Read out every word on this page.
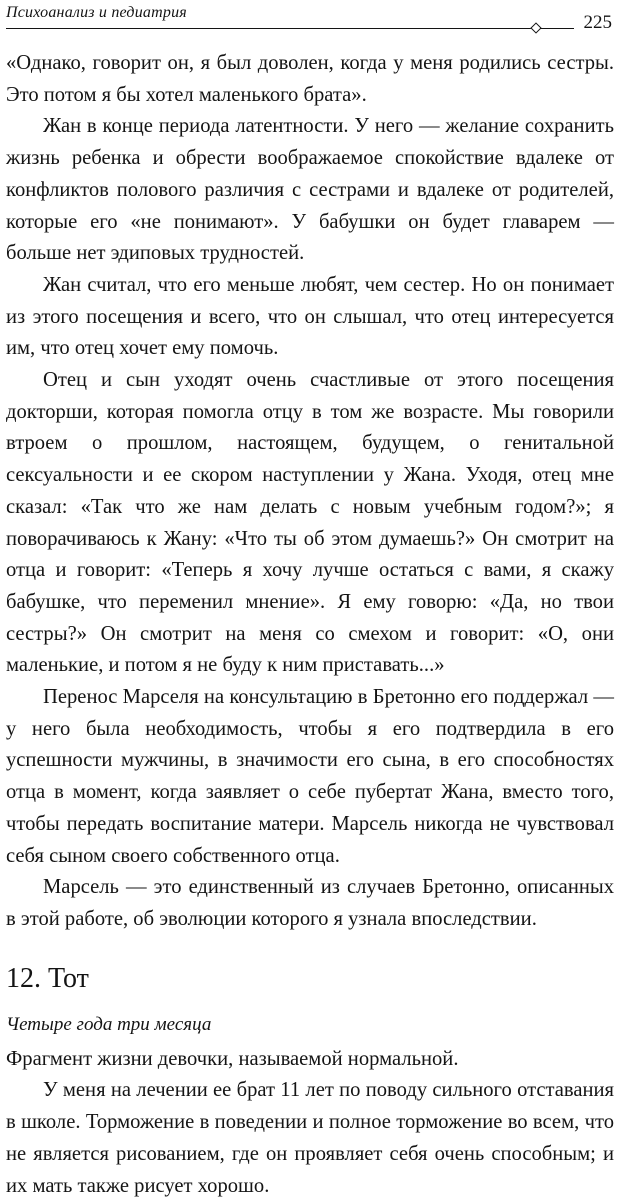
Психоанализ и педиатрия	225

«Однако, говорит он, я был доволен, когда у меня родились сестры. Это потом я бы хотел маленького брата».

Жан в конце периода латентности. У него — желание сохранить жизнь ребенка и обрести воображаемое спокойствие вдалеке от конфликтов полового различия с сестрами и вдалеке от родителей, которые его «не понимают». У бабушки он будет главарем — больше нет эдиповых трудностей.

Жан считал, что его меньше любят, чем сестер. Но он понимает из этого посещения и всего, что он слышал, что отец интересуется им, что отец хочет ему помочь.

Отец и сын уходят очень счастливые от этого посещения докторши, которая помогла отцу в том же возрасте. Мы говорили втроем о прошлом, настоящем, будущем, о генитальной сексуальности и ее скором наступлении у Жана. Уходя, отец мне сказал: «Так что же нам делать с новым учебным годом?»; я поворачиваюсь к Жану: «Что ты об этом думаешь?» Он смотрит на отца и говорит: «Теперь я хочу лучше остаться с вами, я скажу бабушке, что переменил мнение». Я ему говорю: «Да, но твои сестры?» Он смотрит на меня со смехом и говорит: «О, они маленькие, и потом я не буду к ним приставать...»

Перенос Марселя на консультацию в Бретонно его поддержал — у него была необходимость, чтобы я его подтвердила в его успешности мужчины, в значимости его сына, в его способностях отца в момент, когда заявляет о себе пубертат Жана, вместо того, чтобы передать воспитание матери. Марсель никогда не чувствовал себя сыном своего собственного отца.

Марсель — это единственный из случаев Бретонно, описанных в этой работе, об эволюции которого я узнала впоследствии.

12. Тот

Четыре года три месяца

Фрагмент жизни девочки, называемой нормальной.

У меня на лечении ее брат 11 лет по поводу сильного отставания в школе. Торможение в поведении и полное торможение во всем, что не является рисованием, где он проявляет себя очень способным; и их мать также рисует хорошо.
